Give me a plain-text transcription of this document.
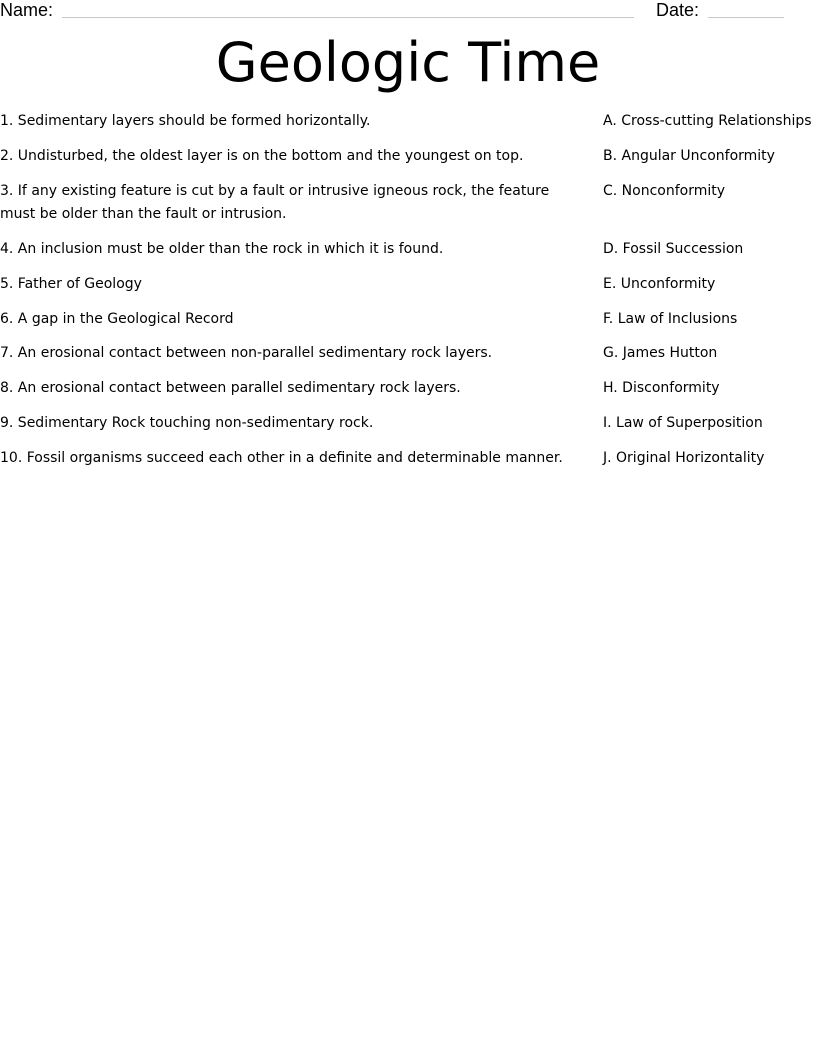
Name:	Date:
Geologic Time
1. Sedimentary layers should be formed horizontally.
2. Undisturbed, the oldest layer is on the bottom and the youngest on top.
3. If any existing feature is cut by a fault or intrusive igneous rock, the feature must be older than the fault or intrusion.
4. An inclusion must be older than the rock in which it is found.
5. Father of Geology
6. A gap in the Geological Record
7. An erosional contact between non-parallel sedimentary rock layers.
8. An erosional contact between parallel sedimentary rock layers.
9. Sedimentary Rock touching non-sedimentary rock.
10. Fossil organisms succeed each other in a definite and determinable manner.
A. Cross-cutting Relationships
B. Angular Unconformity
C. Nonconformity
D. Fossil Succession
E. Unconformity
F. Law of Inclusions
G. James Hutton
H. Disconformity
I. Law of Superposition
J. Original Horizontality
